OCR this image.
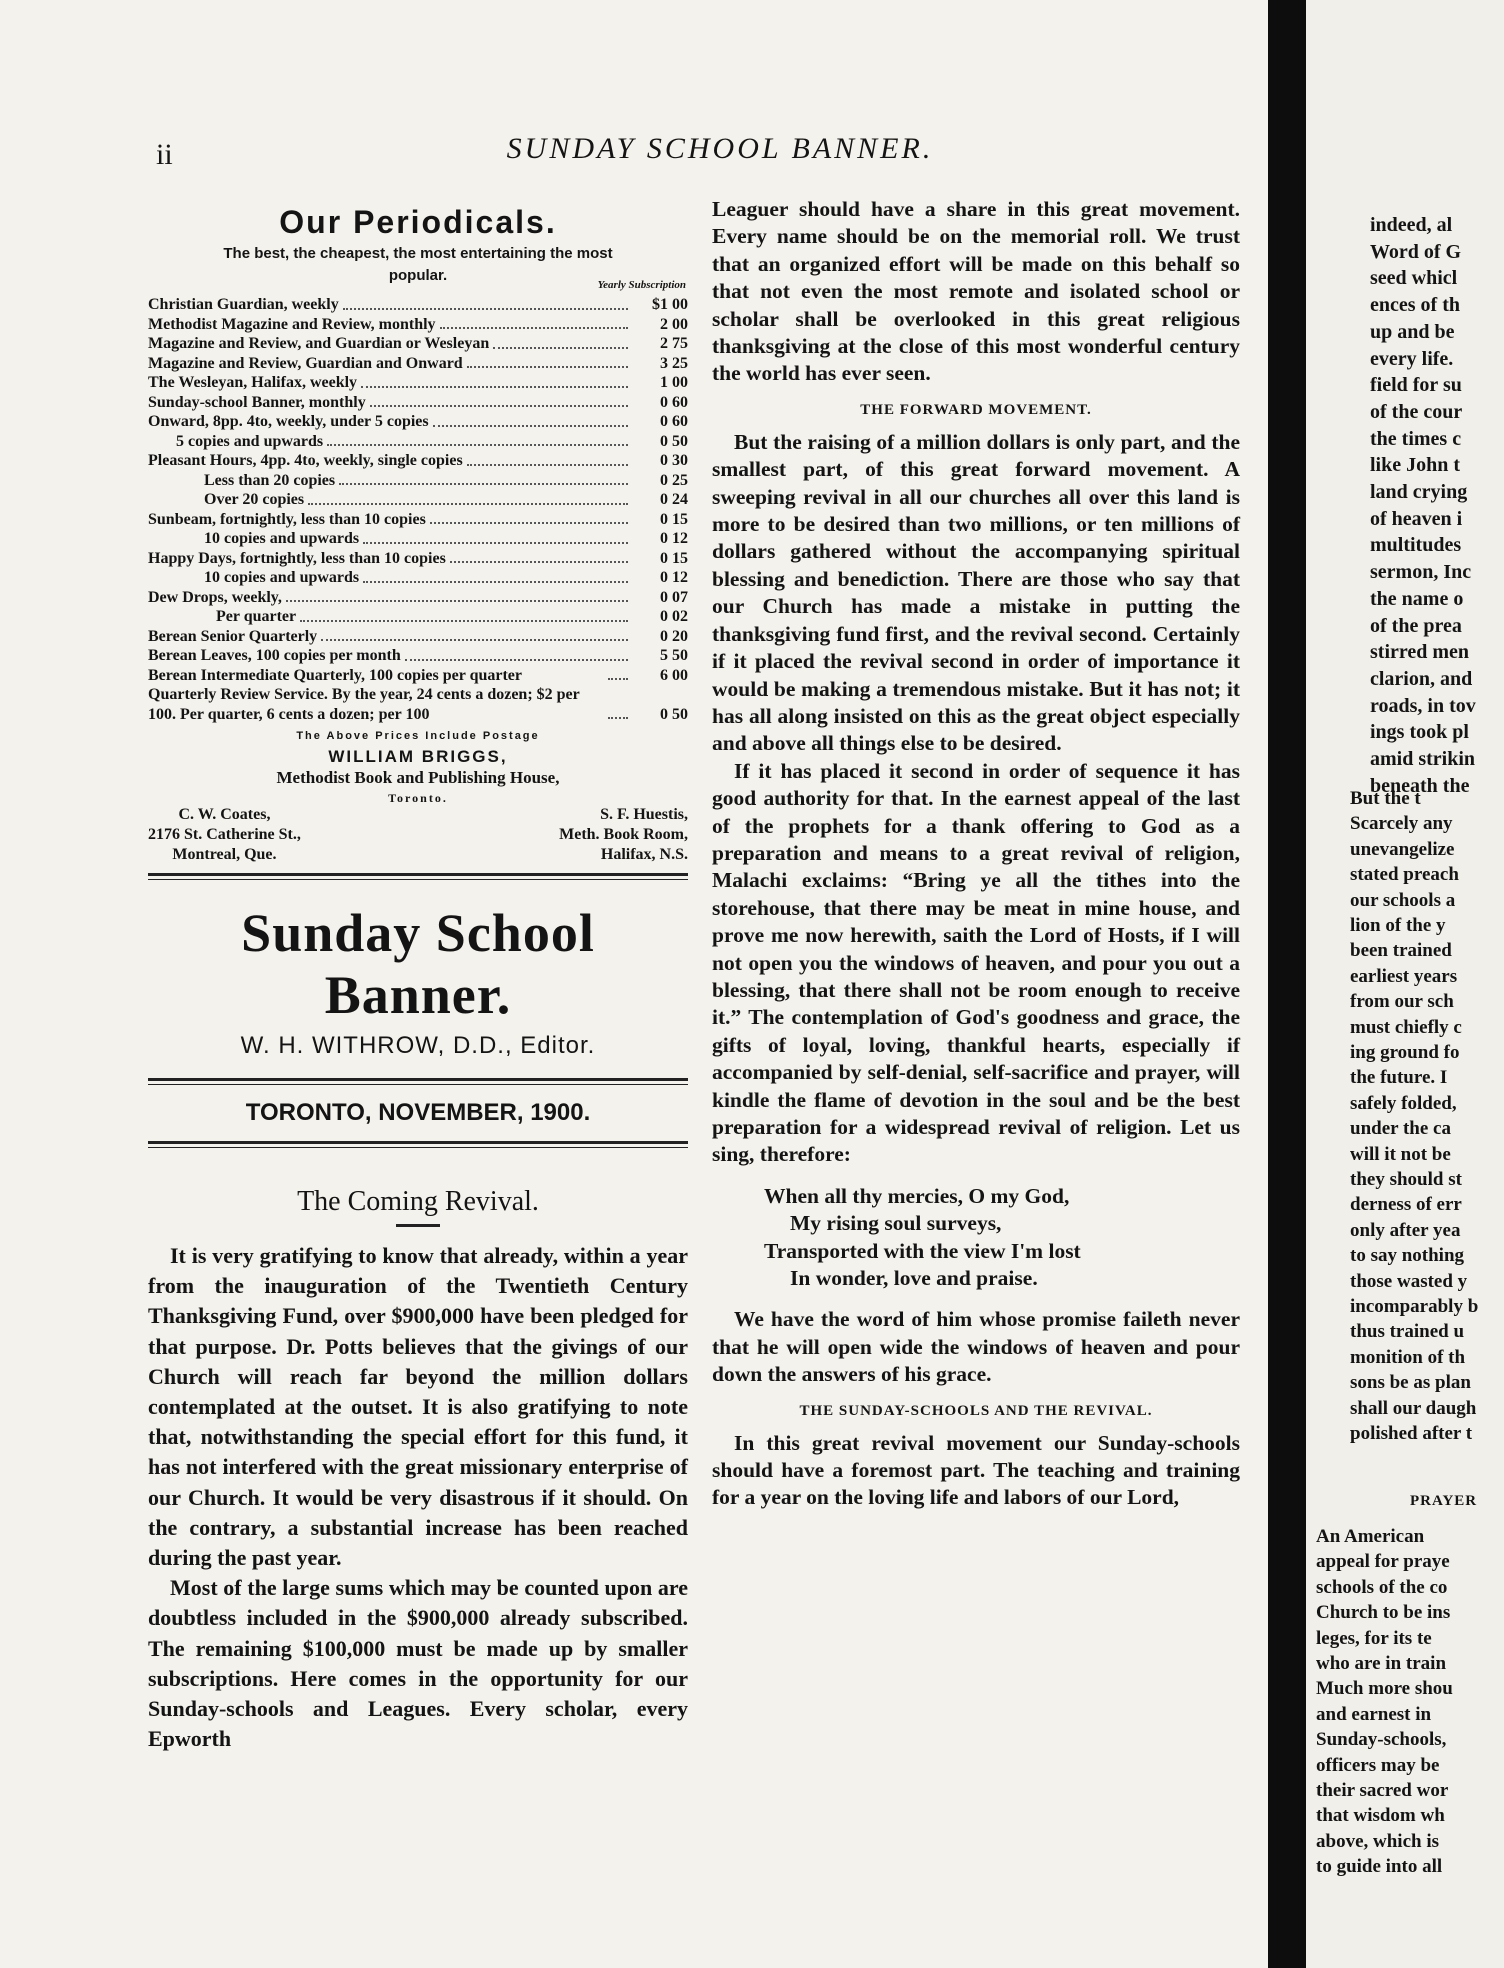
ii	SUNDAY SCHOOL BANNER.
Our Periodicals.
The best, the cheapest, the most entertaining the most popular.
Yearly Subscription
Christian Guardian, weekly	$1 00
Methodist Magazine and Review, monthly	2 00
Magazine and Review, and Guardian or Wesleyan	2 75
Magazine and Review, Guardian and Onward	3 25
The Wesleyan, Halifax, weekly	1 00
Sunday-school Banner, monthly	0 60
Onward, 8pp. 4to, weekly, under 5 copies	0 60
5 copies and upwards	0 50
Pleasant Hours, 4pp. 4to, weekly, single copies	0 30
Less than 20 copies	0 25
Over 20 copies	0 24
Sunbeam, fortnightly, less than 10 copies	0 15
10 copies and upwards	0 12
Happy Days, fortnightly, less than 10 copies	0 15
10 copies and upwards	0 12
Dew Drops, weekly,	0 07
Per quarter	0 02
Berean Senior Quarterly	0 20
Berean Leaves, 100 copies per month	5 50
Berean Intermediate Quarterly, 100 copies per quarter	6 00
Quarterly Review Service. By the year, 24 cents a dozen; $2 per 100. Per quarter, 6 cents a dozen; per 100	0 50
The Above Prices Include Postage
WILLIAM BRIGGS,
Methodist Book and Publishing House,
Toronto.
C. W. Coates,
2176 St. Catherine St.,
Montreal, Que.
S. F. Huestis,
Meth. Book Room,
Halifax, N.S.
Sunday School Banner.
W. H. WITHROW, D.D., Editor.
TORONTO, NOVEMBER, 1900.
The Coming Revival.

It is very gratifying to know that already, within a year from the inauguration of the Twentieth Century Thanksgiving Fund, over $900,000 have been pledged for that purpose. Dr. Potts believes that the givings of our Church will reach far beyond the million dollars contemplated at the outset. It is also gratifying to note that, notwithstanding the special effort for this fund, it has not interfered with the great missionary enterprise of our Church. It would be very disastrous if it should. On the contrary, a substantial increase has been reached during the past year.

Most of the large sums which may be counted upon are doubtless included in the $900,000 already subscribed. The remaining $100,000 must be made up by smaller subscriptions. Here comes in the opportunity for our Sunday-schools and Leagues. Every scholar, every Epworth

Leaguer should have a share in this great movement. Every name should be on the memorial roll. We trust that an organized effort will be made on this behalf so that not even the most remote and isolated school or scholar shall be overlooked in this great religious thanksgiving at the close of this most wonderful century the world has ever seen.

THE FORWARD MOVEMENT.

But the raising of a million dollars is only part, and the smallest part, of this great forward movement. A sweeping revival in all our churches all over this land is more to be desired than two millions, or ten millions of dollars gathered without the accompanying spiritual blessing and benediction. There are those who say that our Church has made a mistake in putting the thanksgiving fund first, and the revival second. Certainly if it placed the revival second in order of importance it would be making a tremendous mistake. But it has not; it has all along insisted on this as the great object especially and above all things else to be desired.

If it has placed it second in order of sequence it has good authority for that. In the earnest appeal of the last of the prophets for a thank offering to God as a preparation and means to a great revival of religion, Malachi exclaims: “Bring ye all the tithes into the storehouse, that there may be meat in mine house, and prove me now herewith, saith the Lord of Hosts, if I will not open you the windows of heaven, and pour you out a blessing, that there shall not be room enough to receive it.” The contemplation of God's goodness and grace, the gifts of loyal, loving, thankful hearts, especially if accompanied by self-denial, self-sacrifice and prayer, will kindle the flame of devotion in the soul and be the best preparation for a widespread revival of religion. Let us sing, therefore:

When all thy mercies, O my God,
My rising soul surveys,
Transported with the view I'm lost
In wonder, love and praise.

We have the word of him whose promise faileth never that he will open wide the windows of heaven and pour down the answers of his grace.

THE SUNDAY-SCHOOLS AND THE REVIVAL.

In this great revival movement our Sunday-schools should have a foremost part. The teaching and training for a year on the loving life and labors of our Lord,

indeed, al
Word of G
seed whicl
ences of th
up and be
every life.
field for su
of the cour
the times c
like John t
land crying
of heaven i
multitudes
sermon, Inc
the name o
of the prea
stirred men
clarion, and
roads, in tov
ings took pl
amid strikin
beneath the
But the t
Scarcely any
unevangelize
stated preach
our schools a
lion of the y
been trained
earliest years
from our sch
must chiefly c
ing ground fo
the future. I
safely folded,
under the ca
will it not be
they should st
derness of err
only after yea
to say nothing
those wasted y
incomparably b
thus trained u
monition of th
sons be as plan
shall our daugh
polished after t
PRAYER
An American
appeal for praye
schools of the co
Church to be ins
leges, for its te
who are in train
Much more shou
and earnest in
Sunday-schools,
officers may be
their sacred wor
that wisdom wh
above, which is
to guide into all
